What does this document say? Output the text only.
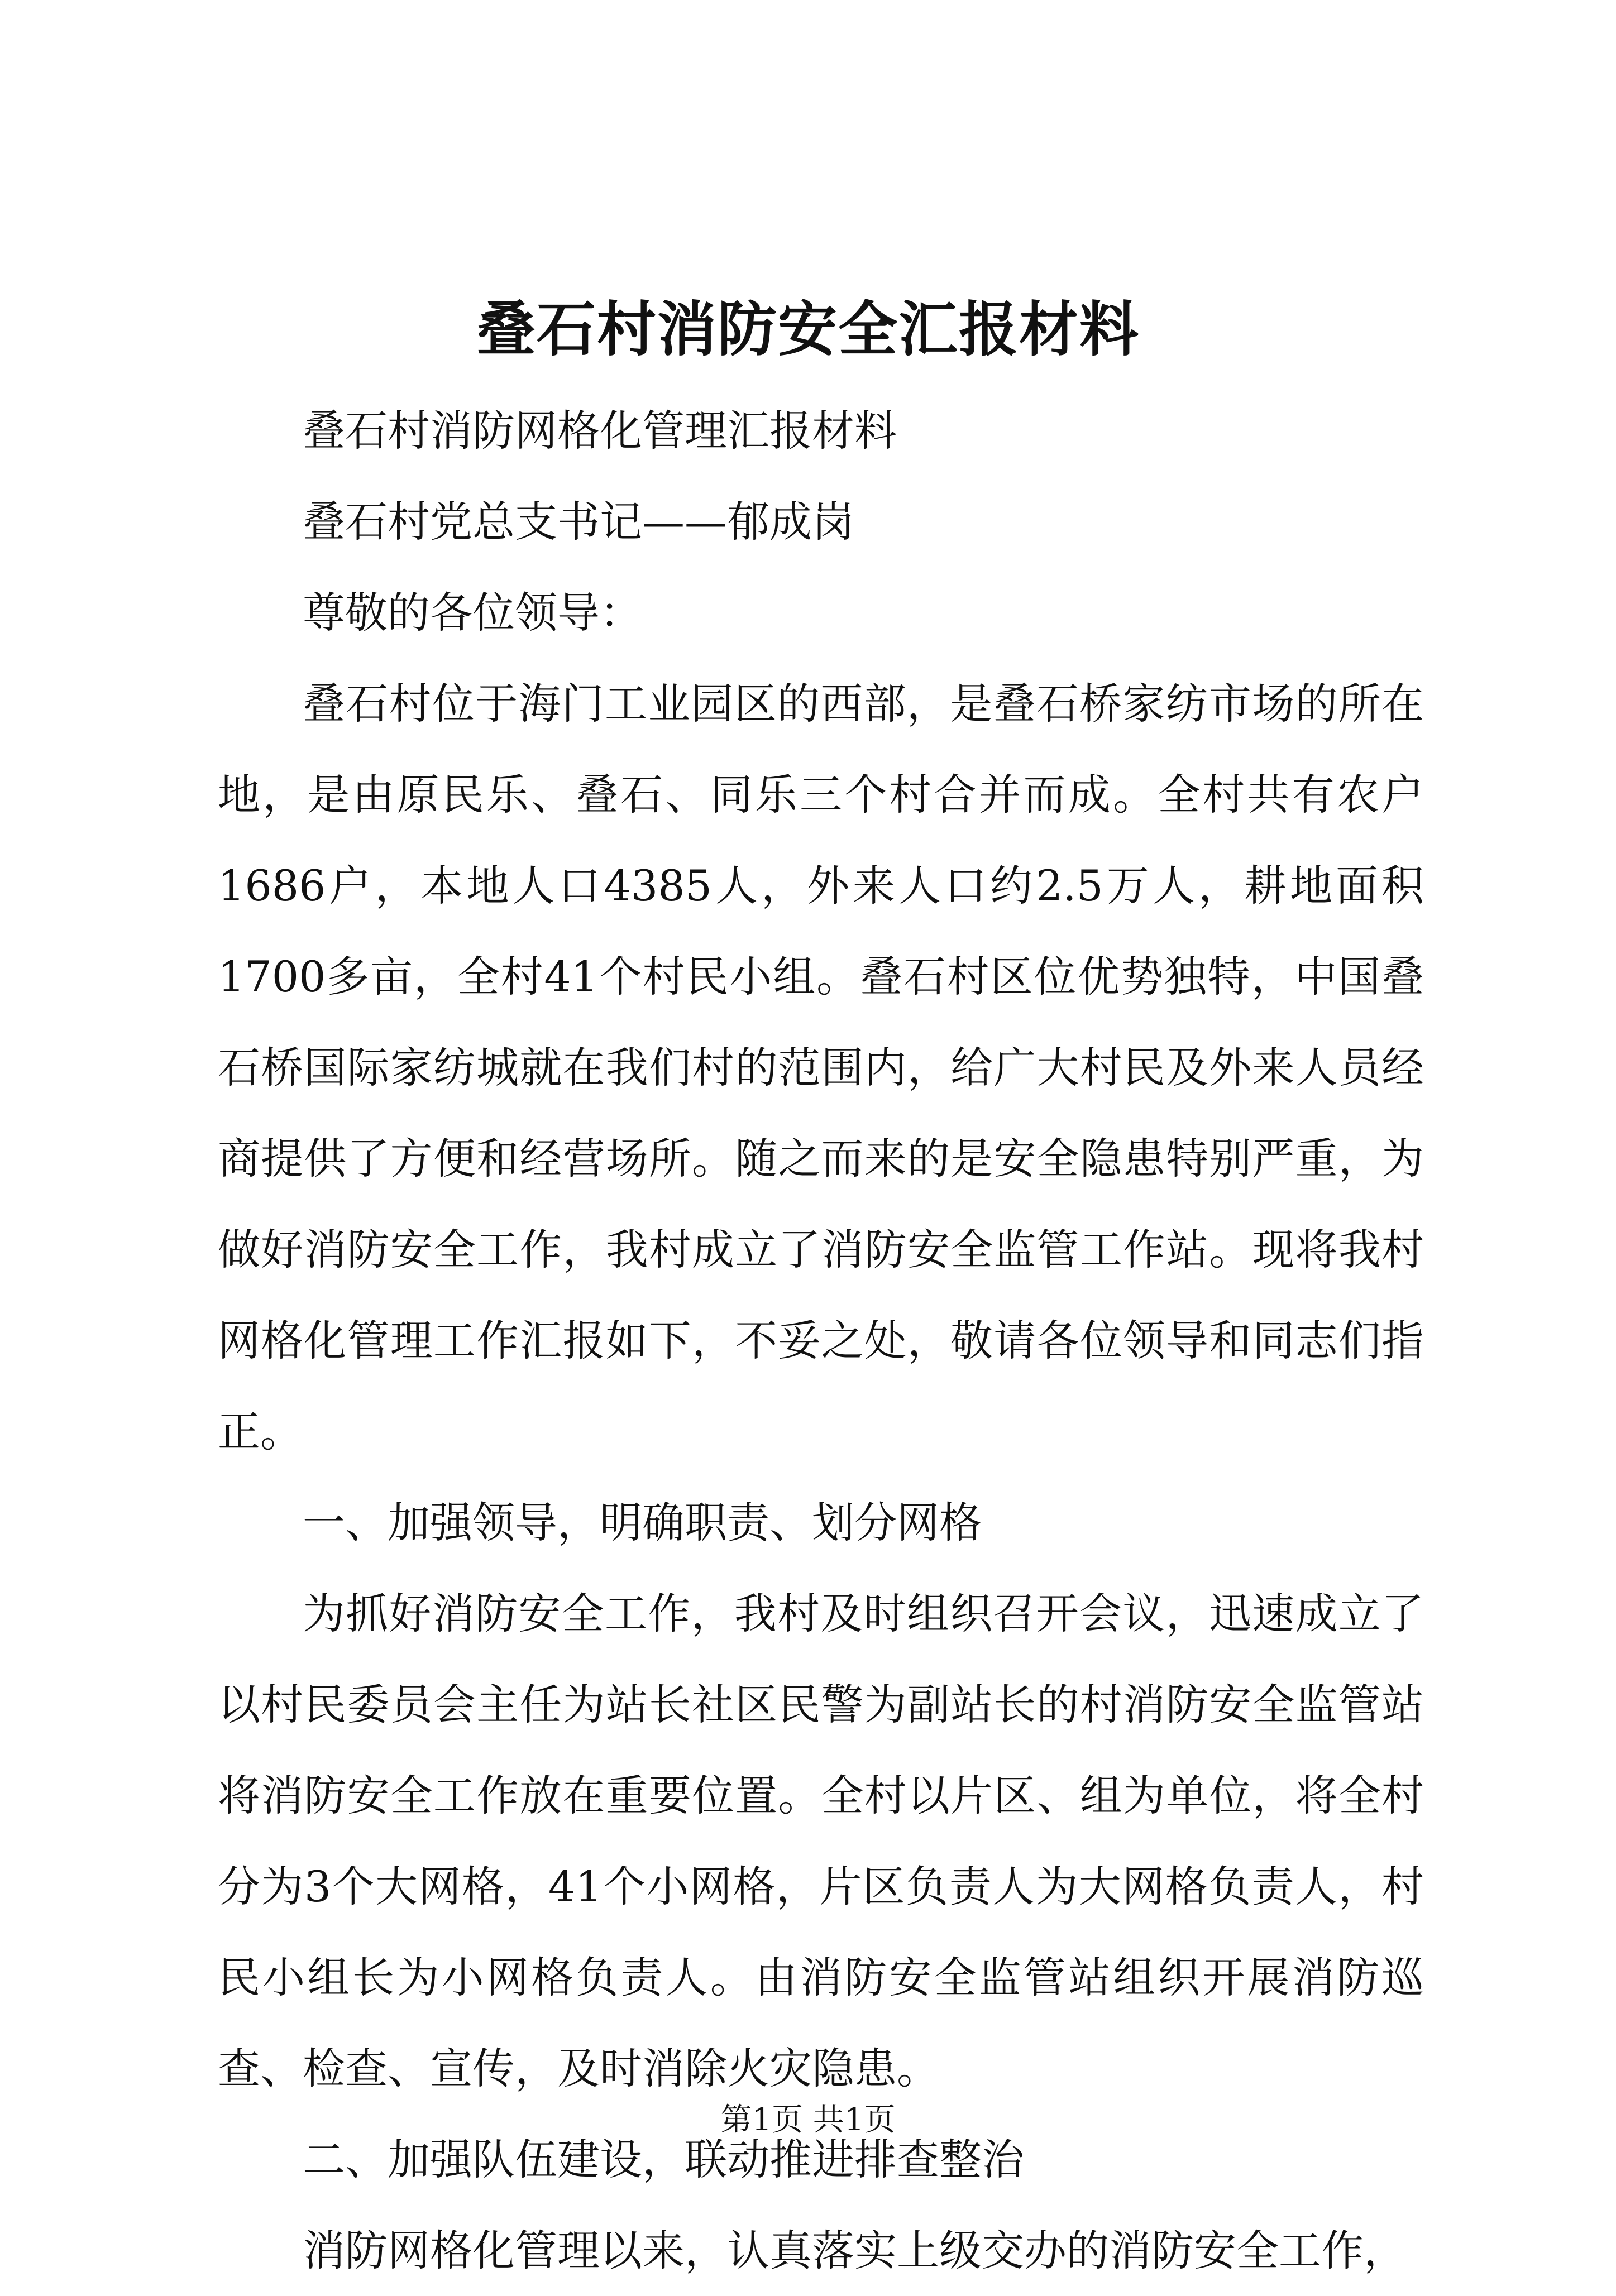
叠石村消防安全汇报材料

叠石村消防网格化管理汇报材料

叠石村党总支书记——郁成岗

尊敬的各位领导：

叠石村位于海门工业园区的西部，是叠石桥家纺市场的所在地，是由原民乐、叠石、同乐三个村合并而成。全村共有农户1686户，本地人口4385人，外来人口约2.5万人，耕地面积1700多亩，全村41个村民小组。叠石村区位优势独特，中国叠石桥国际家纺城就在我们村的范围内，给广大村民及外来人员经商提供了方便和经营场所。随之而来的是安全隐患特别严重，为做好消防安全工作，我村成立了消防安全监管工作站。现将我村网格化管理工作汇报如下，不妥之处，敬请各位领导和同志们指正。

一、加强领导，明确职责、划分网格

为抓好消防安全工作，我村及时组织召开会议，迅速成立了以村民委员会主任为站长社区民警为副站长的村消防安全监管站将消防安全工作放在重要位置。全村以片区、组为单位，将全村分为3个大网格，41个小网格，片区负责人为大网格负责人，村民小组长为小网格负责人。由消防安全监管站组织开展消防巡查、检查、宣传，及时消除火灾隐患。

二、加强队伍建设，联动推进排查整治

消防网格化管理以来，认真落实上级交办的消防安全工作，

第1页 共1页
